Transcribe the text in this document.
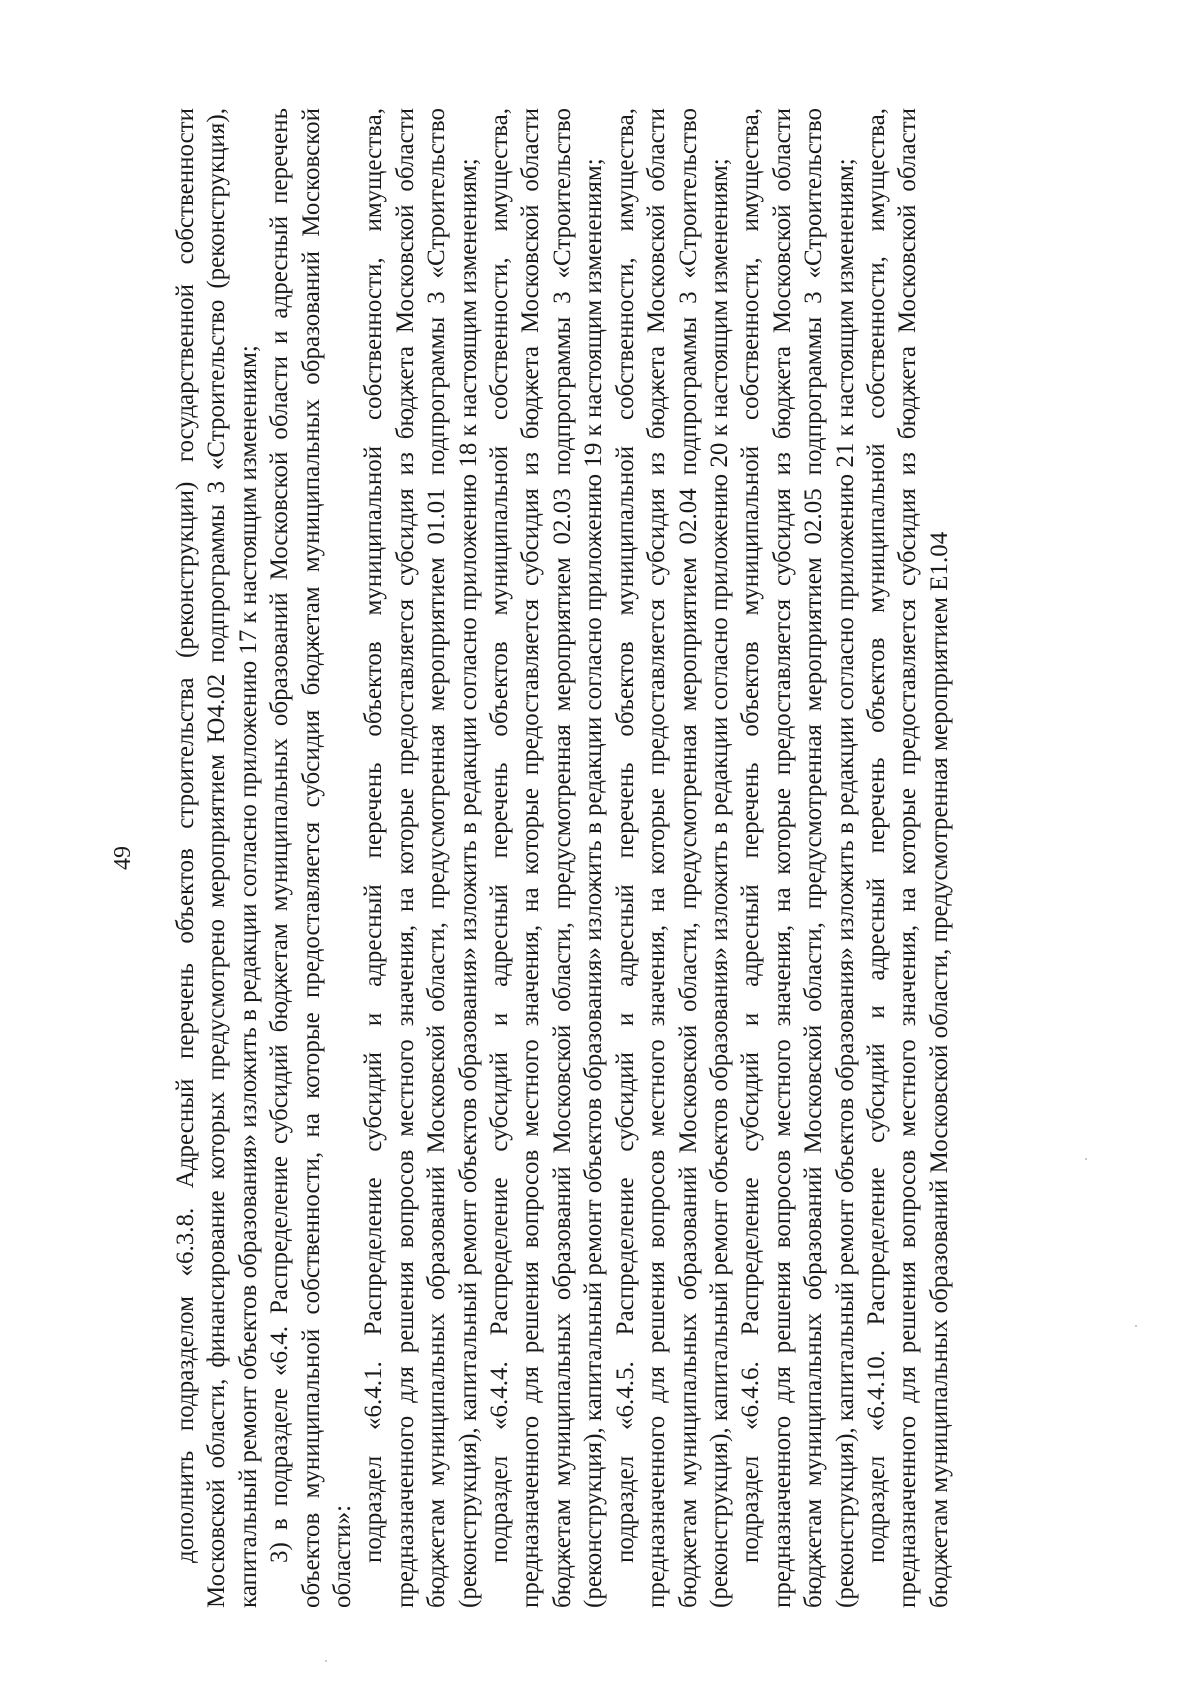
49 дополнить подразделом «6.3.8. Адресный перечень объектов строительства (реконструкции) государственной собственности Московской области, финансирование которых предусмотрено мероприятием Ю4.02 подпрограммы 3 «Строительство (реконструкция), капитальный ремонт объектов образования» изложить в редакции согласно приложению 17 к настоящим изменениям; 3) в подразделе «6.4. Распределение субсидий бюджетам муниципальных образований Московской области и адресный перечень объектов муниципальной собственности, на которые предоставляется субсидия бюджетам муниципальных образований Московской области»: подраздел «6.4.1. Распределение субсидий и адресный перечень объектов муниципальной собственности, имущества, предназначенного для решения вопросов местного значения, на которые предоставляется субсидия из бюджета Московской области бюджетам муниципальных образований Московской области, предусмотренная мероприятием 01.01 подпрограммы 3 «Строительство (реконструкция), капитальный ремонт объектов образования» изложить в редакции согласно приложению 18 к настоящим изменениям; подраздел «6.4.4. Распределение субсидий и адресный перечень объектов муниципальной собственности, имущества, предназначенного для решения вопросов местного значения, на которые предоставляется субсидия из бюджета Московской области бюджетам муниципальных образований Московской области, предусмотренная мероприятием 02.03 подпрограммы 3 «Строительство (реконструкция), капитальный ремонт объектов образования» изложить в редакции согласно приложению 19 к настоящим изменениям; подраздел «6.4.5. Распределение субсидий и адресный перечень объектов муниципальной собственности, имущества, предназначенного для решения вопросов местного значения, на которые предоставляется субсидия из бюджета Московской области бюджетам муниципальных образований Московской области, предусмотренная мероприятием 02.04 подпрограммы 3 «Строительство (реконструкция), капитальный ремонт объектов образования» изложить в редакции согласно приложению 20 к настоящим изменениям; подраздел «6.4.6. Распределение субсидий и адресный перечень объектов муниципальной собственности, имущества, предназначенного для решения вопросов местного значения, на которые предоставляется субсидия из бюджета Московской области бюджетам муниципальных образований Московской области, предусмотренная мероприятием 02.05 подпрограммы 3 «Строительство (реконструкция), капитальный ремонт объектов образования» изложить в редакции согласно приложению 21 к настоящим изменениям; подраздел «6.4.10. Распределение субсидий и адресный перечень объектов муниципальной собственности, имущества, предназначенного для решения вопросов местного значения, на которые предоставляется субсидия из бюджета Московской области бюджетам муниципальных образований Московской области, предусмотренная мероприятием Е1.04
